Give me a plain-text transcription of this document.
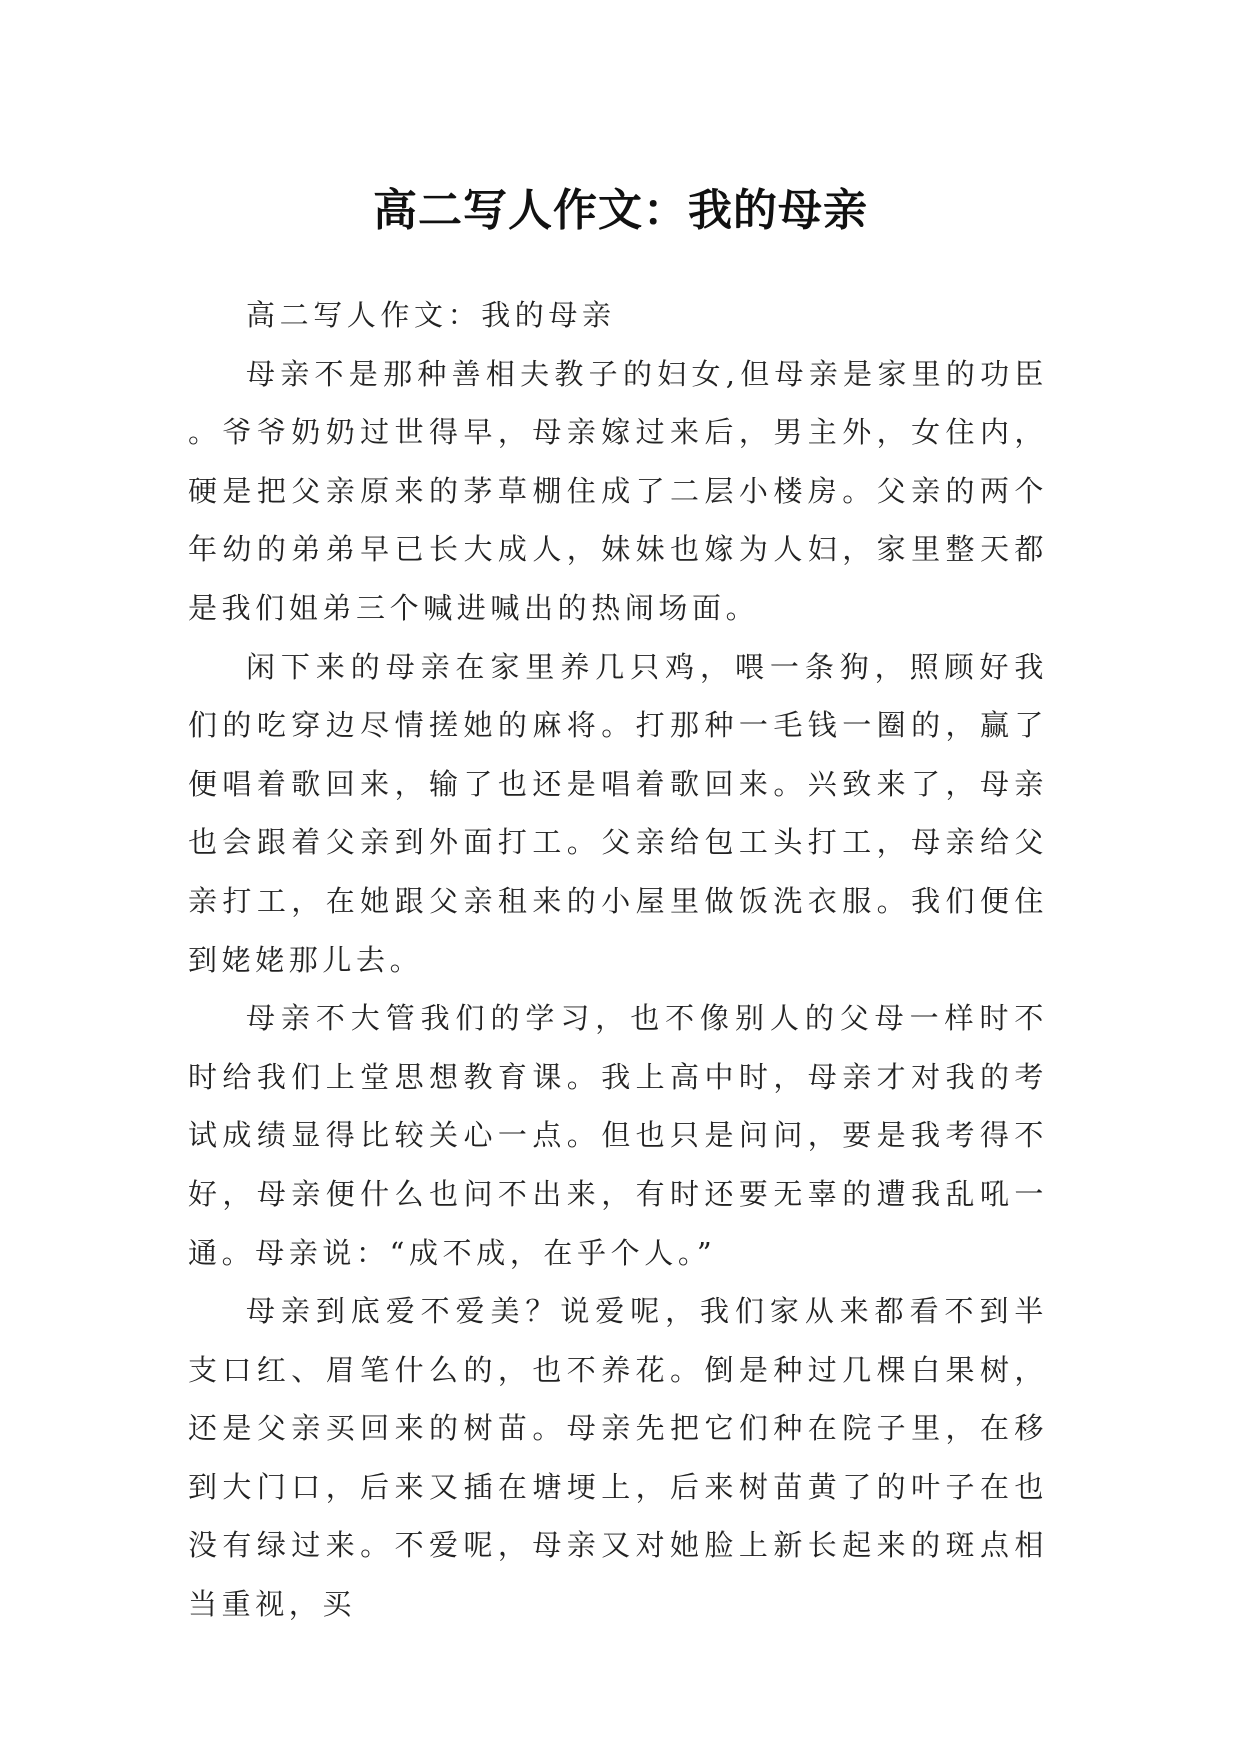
高二写人作文：我的母亲

高二写人作文：我的母亲

母亲不是那种善相夫教子的妇女,但母亲是家里的功臣。爷爷奶奶过世得早，母亲嫁过来后，男主外，女住内，硬是把父亲原来的茅草棚住成了二层小楼房。父亲的两个年幼的弟弟早已长大成人，妹妹也嫁为人妇，家里整天都是我们姐弟三个喊进喊出的热闹场面。

闲下来的母亲在家里养几只鸡，喂一条狗，照顾好我们的吃穿边尽情搓她的麻将。打那种一毛钱一圈的，赢了便唱着歌回来，输了也还是唱着歌回来。兴致来了，母亲也会跟着父亲到外面打工。父亲给包工头打工，母亲给父亲打工，在她跟父亲租来的小屋里做饭洗衣服。我们便住到姥姥那儿去。

母亲不大管我们的学习，也不像别人的父母一样时不时给我们上堂思想教育课。我上高中时，母亲才对我的考试成绩显得比较关心一点。但也只是问问，要是我考得不好，母亲便什么也问不出来，有时还要无辜的遭我乱吼一通。母亲说：“成不成，在乎个人。”

母亲到底爱不爱美？说爱呢，我们家从来都看不到半支口红、眉笔什么的，也不养花。倒是种过几棵白果树，还是父亲买回来的树苗。母亲先把它们种在院子里，在移到大门口，后来又插在塘埂上，后来树苗黄了的叶子在也没有绿过来。不爱呢，母亲又对她脸上新长起来的斑点相当重视，买
